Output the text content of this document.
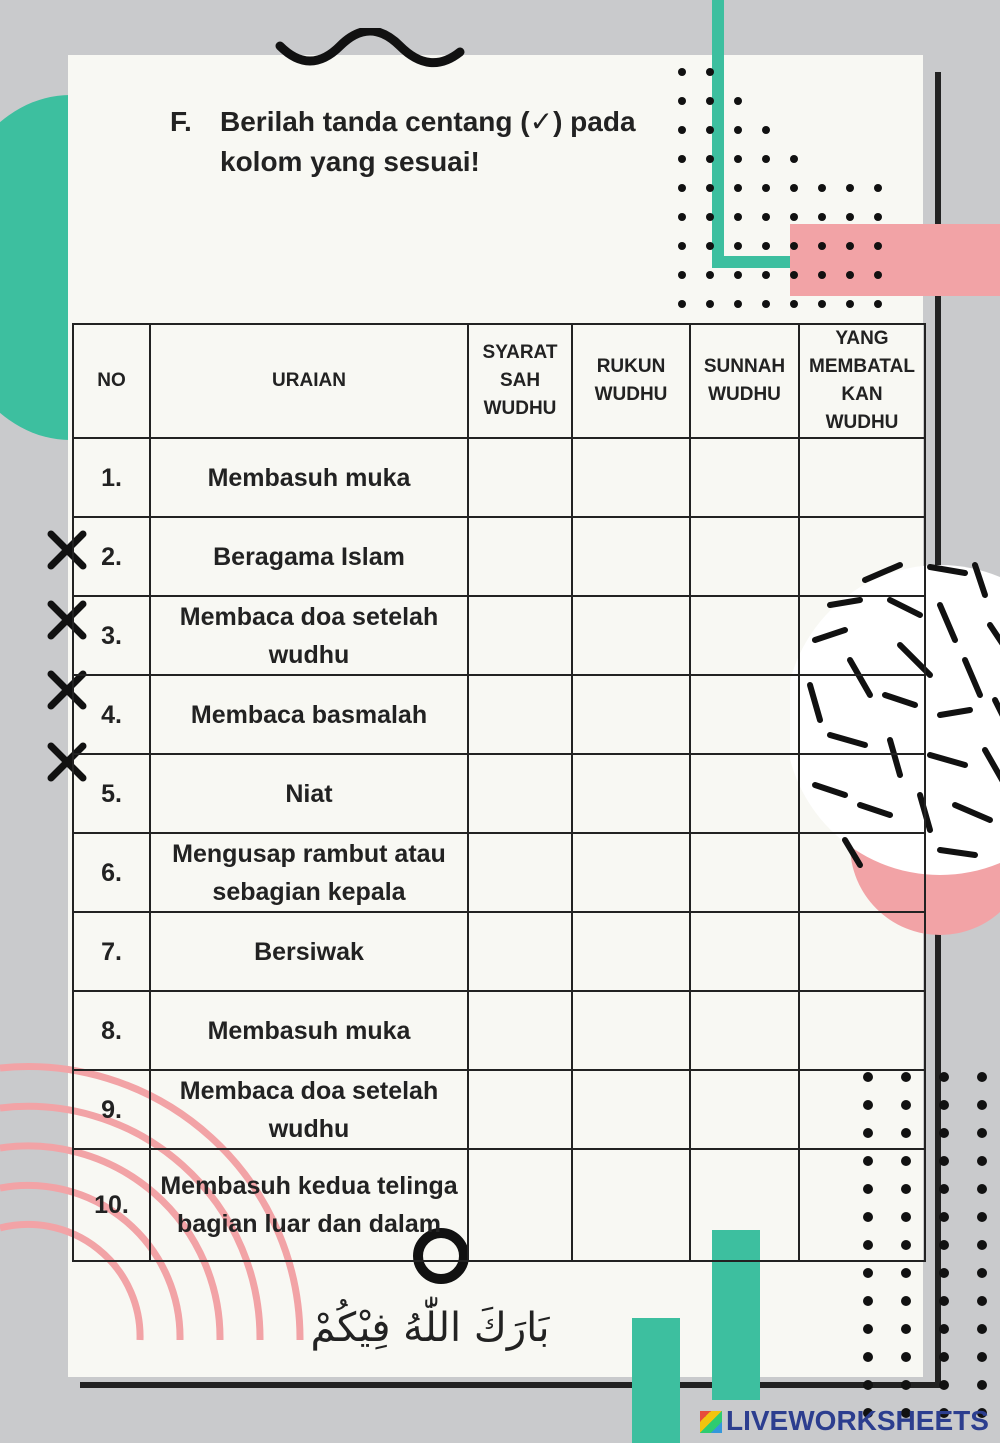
F. Berilah tanda centang (✓) pada kolom yang sesuai!
NO	URAIAN	SYARAT SAH WUDHU	RUKUN WUDHU	SUNNAH WUDHU	YANG MEMBATAL KAN WUDHU
1.	Membasuh muka				
2.	Beragama Islam				
3.	Membaca doa setelah wudhu				
4.	Membaca basmalah				
5.	Niat				
6.	Mengusap rambut atau sebagian kepala				
7.	Bersiwak				
8.	Membasuh muka				
9.	Membaca doa setelah wudhu				
10.	Membasuh kedua telinga bagian luar dan dalam				
بَارَكَ اللّٰهُ فِيْكُمْ
LIVEWORKSHEETS
